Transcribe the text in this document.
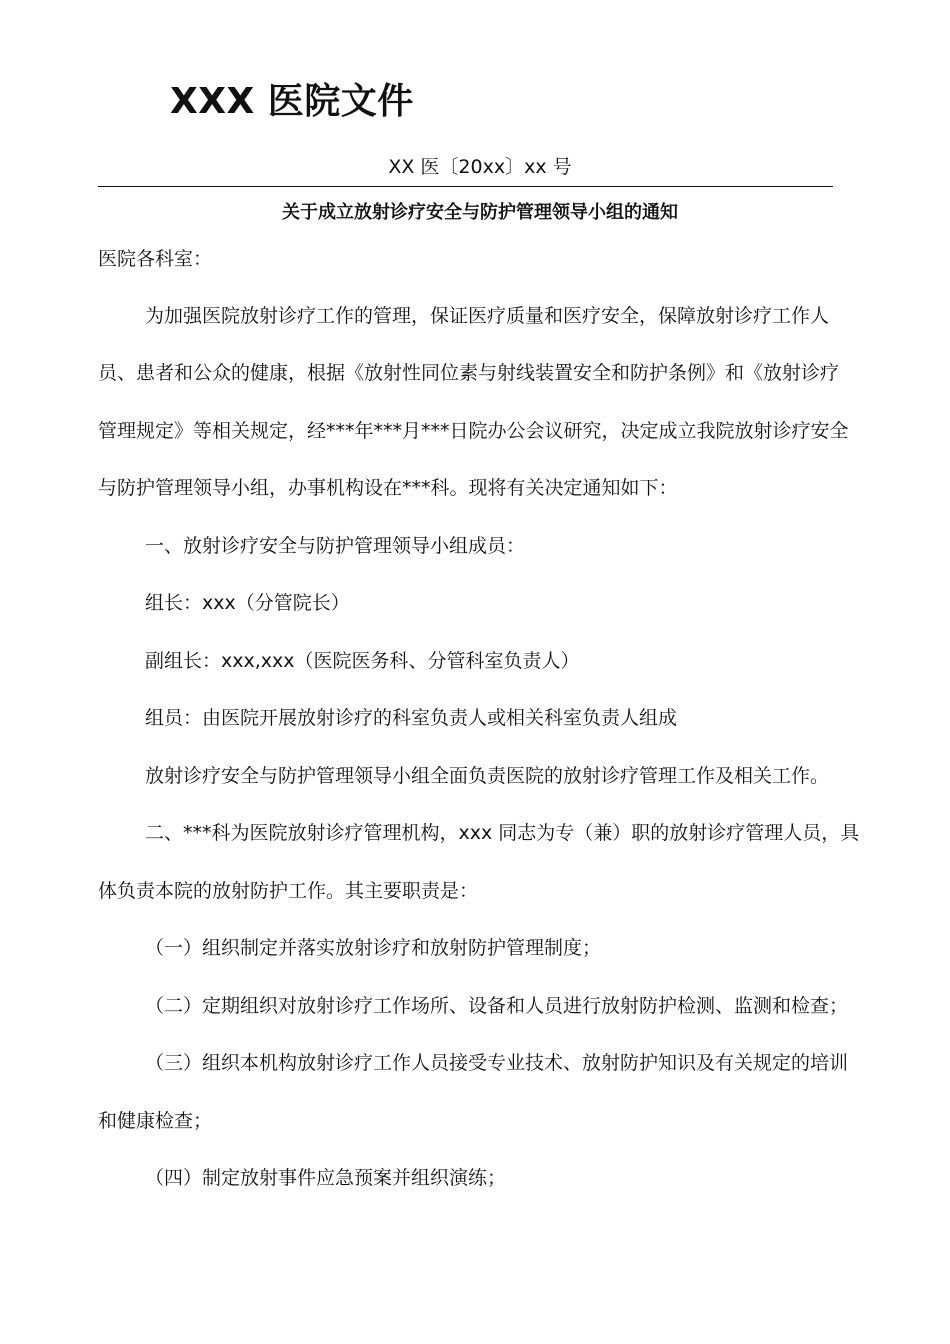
XXX 医院文件
XX 医〔20xx〕xx 号
关于成立放射诊疗安全与防护管理领导小组的通知
医院各科室：
为加强医院放射诊疗工作的管理，保证医疗质量和医疗安全，保障放射诊疗工作人
员、患者和公众的健康，根据《放射性同位素与射线装置安全和防护条例》和《放射诊疗
管理规定》等相关规定，经***年***月***日院办公会议研究，决定成立我院放射诊疗安全
与防护管理领导小组，办事机构设在***科。现将有关决定通知如下：
一、放射诊疗安全与防护管理领导小组成员：
组长：xxx（分管院长）
副组长：xxx,xxx（医院医务科、分管科室负责人）
组员：由医院开展放射诊疗的科室负责人或相关科室负责人组成
放射诊疗安全与防护管理领导小组全面负责医院的放射诊疗管理工作及相关工作。
二、***科为医院放射诊疗管理机构，xxx 同志为专（兼）职的放射诊疗管理人员，具
体负责本院的放射防护工作。其主要职责是：
（一）组织制定并落实放射诊疗和放射防护管理制度；
（二）定期组织对放射诊疗工作场所、设备和人员进行放射防护检测、监测和检查；
（三）组织本机构放射诊疗工作人员接受专业技术、放射防护知识及有关规定的培训
和健康检查；
（四）制定放射事件应急预案并组织演练；
